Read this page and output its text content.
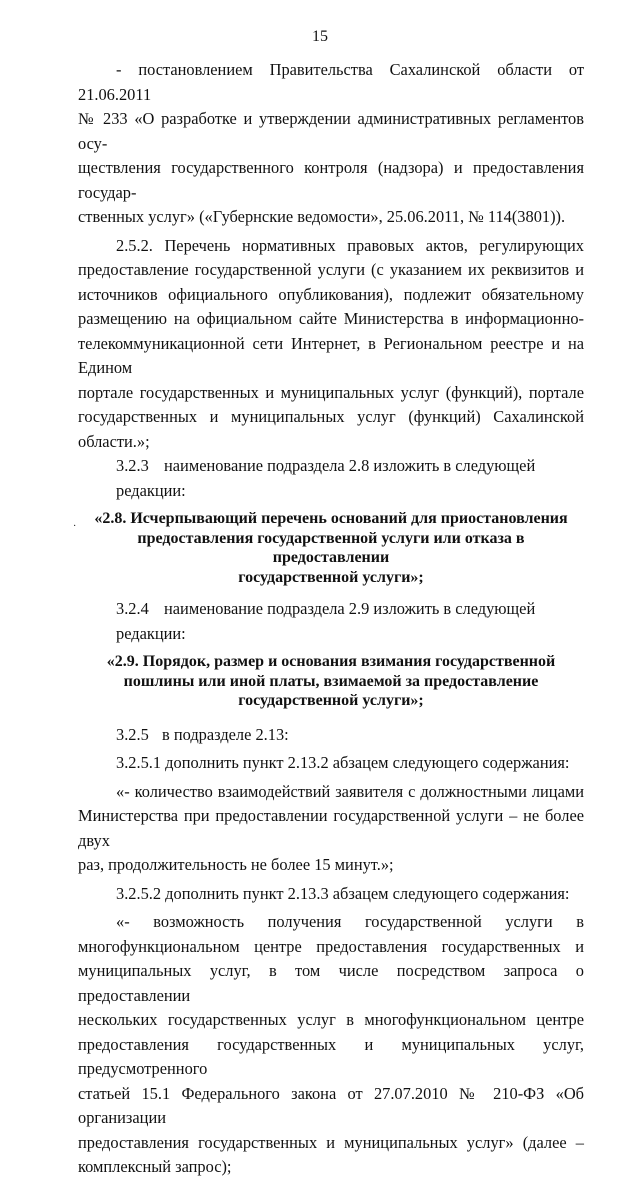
15
·

- постановлением Правительства Сахалинской области от 21.06.2011

№ 233 «О разработке и утверждении административных регламентов осу-

ществления государственного контроля (надзора) и предоставления государ-

ственных услуг» («Губернские ведомости», 25.06.2011, № 114(3801)).

2.5.2. Перечень нормативных правовых актов, регулирующих

предоставление государственной услуги (с указанием их реквизитов и

источников официального опубликования), подлежит обязательному

размещению на официальном сайте Министерства в информационно-

телекоммуникационной сети Интернет, в Региональном реестре и на Едином

портале государственных и муниципальных услуг (функций), портале

государственных и муниципальных услуг (функций) Сахалинской области.»;

3.2.3 наименование подраздела 2.8 изложить в следующей редакции:

«2.8. Исчерпывающий перечень оснований для приостановления
предоставления государственной услуги или отказа в предоставлении
государственной услуги»;

3.2.4 наименование подраздела 2.9 изложить в следующей редакции:

«2.9. Порядок, размер и основания взимания государственной
пошлины или иной платы, взимаемой за предоставление
государственной услуги»;

3.2.5 в подразделе 2.13:

3.2.5.1 дополнить пункт 2.13.2 абзацем следующего содержания:

«- количество взаимодействий заявителя с должностными лицами

Министерства при предоставлении государственной услуги – не более двух

раз, продолжительность не более 15 минут.»;

3.2.5.2 дополнить пункт 2.13.3 абзацем следующего содержания:

«- возможность получения государственной услуги в

многофункциональном центре предоставления государственных и

муниципальных услуг, в том числе посредством запроса о предоставлении

нескольких государственных услуг в многофункциональном центре

предоставления государственных и муниципальных услуг, предусмотренного

статьей 15.1 Федерального закона от 27.07.2010 № 210-ФЗ «Об организации

предоставления государственных и муниципальных услуг» (далее –

комплексный запрос);
